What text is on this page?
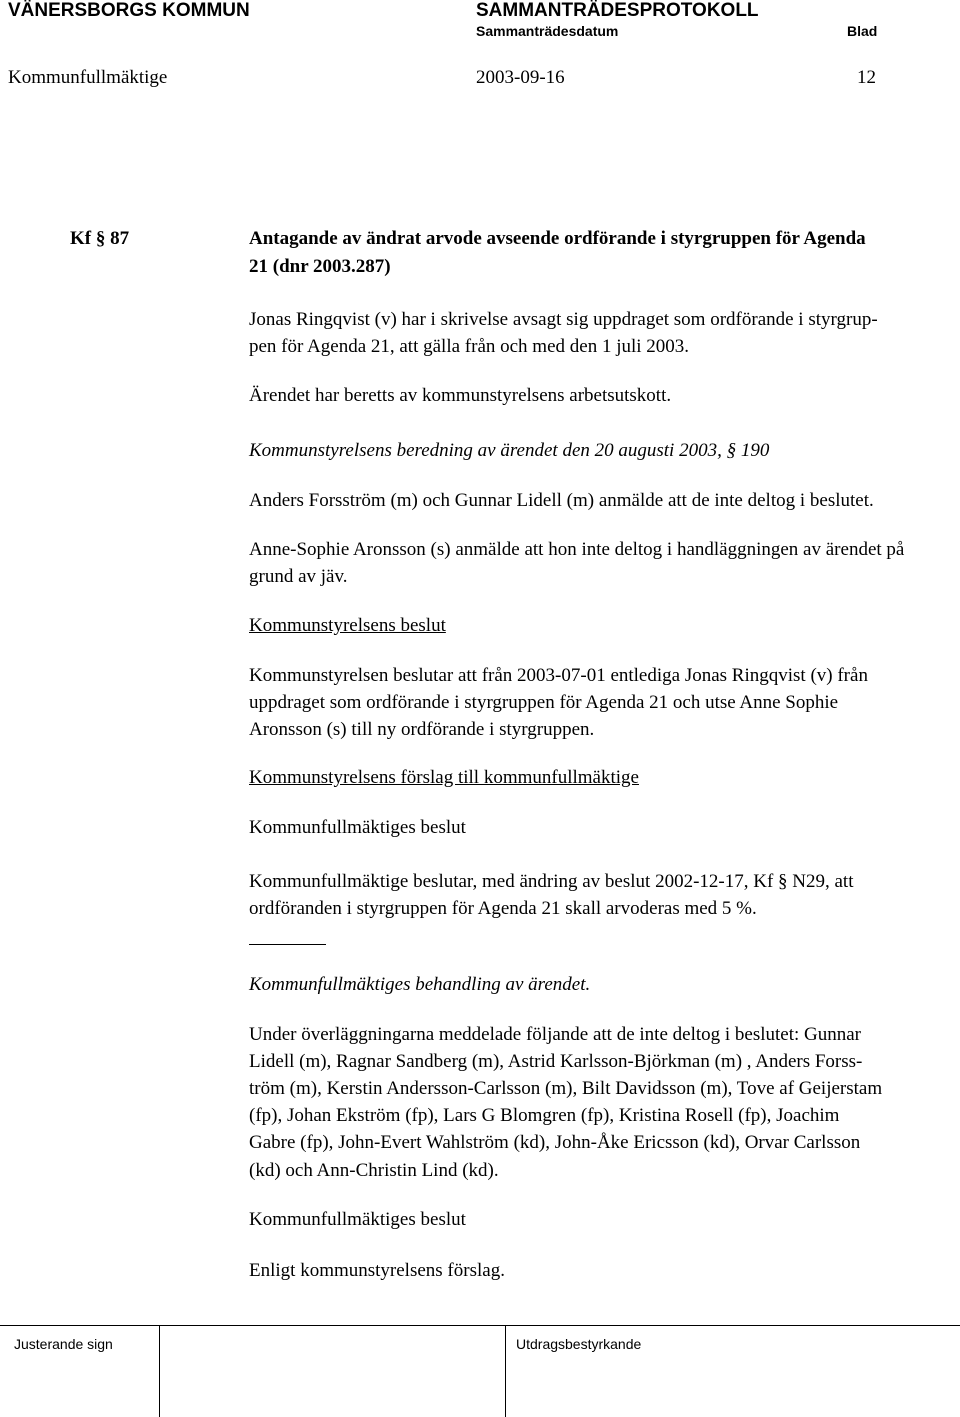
VÄNERSBORGS KOMMUN	SAMMANTRÄDESPROTOKOLL
Sammanträdesdatum	Blad
Kommunfullmäktige	2003-09-16	12
Kf § 87	Antagande av ändrat arvode avseende ordförande i styrgruppen för Agenda
21 (dnr 2003.287)
Jonas Ringqvist (v) har i skrivelse avsagt sig uppdraget som ordförande i styrgrup-
pen för Agenda 21, att gälla från och med den 1 juli 2003.
Ärendet har beretts av kommunstyrelsens arbetsutskott.
Kommunstyrelsens beredning av ärendet den 20 augusti 2003, § 190
Anders Forsström (m) och Gunnar Lidell (m) anmälde att de inte deltog i beslutet.
Anne-Sophie Aronsson (s) anmälde att hon inte deltog i handläggningen av ärendet på
grund av jäv.
Kommunstyrelsens beslut
Kommunstyrelsen beslutar att från 2003-07-01 entlediga Jonas Ringqvist (v) från
uppdraget som ordförande i styrgruppen för Agenda 21 och utse Anne Sophie
Aronsson (s) till ny ordförande i styrgruppen.
Kommunstyrelsens förslag till kommunfullmäktige
Kommunfullmäktiges beslut
Kommunfullmäktige beslutar, med ändring av beslut 2002-12-17, Kf § N29, att
ordföranden i styrgruppen för Agenda 21 skall arvoderas med 5 %.
Kommunfullmäktiges behandling av ärendet.
Under överläggningarna meddelade följande att de inte deltog i beslutet: Gunnar
Lidell (m), Ragnar Sandberg (m), Astrid Karlsson-Björkman (m) , Anders Forss-
tröm (m), Kerstin Andersson-Carlsson (m), Bilt Davidsson (m), Tove af Geijerstam
(fp), Johan Ekström (fp), Lars G Blomgren (fp), Kristina Rosell (fp), Joachim
Gabre (fp), John-Evert Wahlström (kd), John-Åke Ericsson (kd), Orvar Carlsson
(kd) och Ann-Christin Lind (kd).
Kommunfullmäktiges beslut
Enligt kommunstyrelsens förslag.
Justerande sign	Utdragsbestyrkande
